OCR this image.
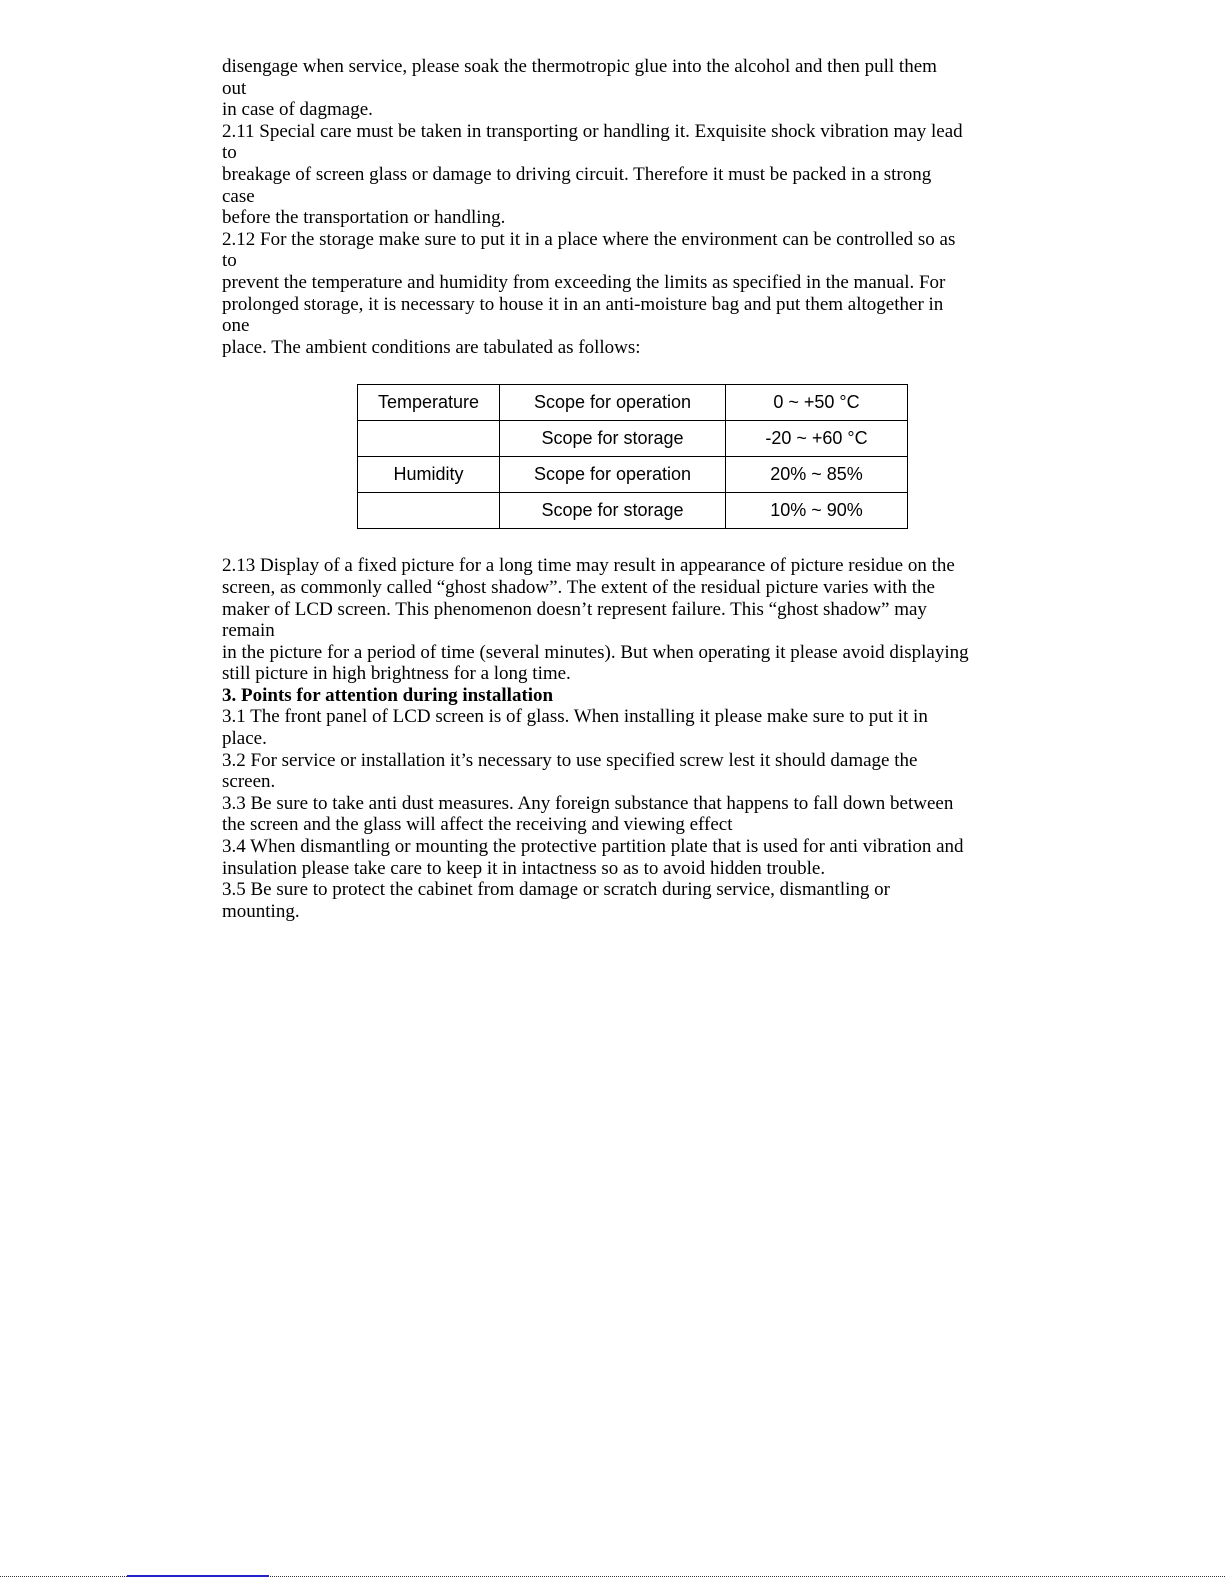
disengage when service, please soak the thermotropic glue into the alcohol and then pull them
out
in case of dagmage.
2.11 Special care must be taken in transporting or handling it. Exquisite shock vibration may lead
to
breakage of screen glass or damage to driving circuit. Therefore it must be packed in a strong
case
before the transportation or handling.
2.12 For the storage make sure to put it in a place where the environment can be controlled so as
to
prevent the temperature and humidity from exceeding the limits as specified in the manual. For
prolonged storage, it is necessary to house it in an anti-moisture bag and put them altogether in
one
place. The ambient conditions are tabulated as follows:
Temperature	Scope for operation	0 ~ +50 °C
	Scope for storage	-20 ~ +60 °C
Humidity	Scope for operation	20% ~ 85%
	Scope for storage	10% ~ 90%
2.13 Display of a fixed picture for a long time may result in appearance of picture residue on the
screen, as commonly called “ghost shadow”. The extent of the residual picture varies with the
maker of LCD screen. This phenomenon doesn’t represent failure. This “ghost shadow” may
remain
in the picture for a period of time (several minutes). But when operating it please avoid displaying
still picture in high brightness for a long time.
3. Points for attention during installation
3.1 The front panel of LCD screen is of glass. When installing it please make sure to put it in
place.
3.2 For service or installation it’s necessary to use specified screw lest it should damage the
screen.
3.3 Be sure to take anti dust measures. Any foreign substance that happens to fall down between
the screen and the glass will affect the receiving and viewing effect
3.4 When dismantling or mounting the protective partition plate that is used for anti vibration and
insulation please take care to keep it in intactness so as to avoid hidden trouble.
3.5 Be sure to protect the cabinet from damage or scratch during service, dismantling or
mounting.
